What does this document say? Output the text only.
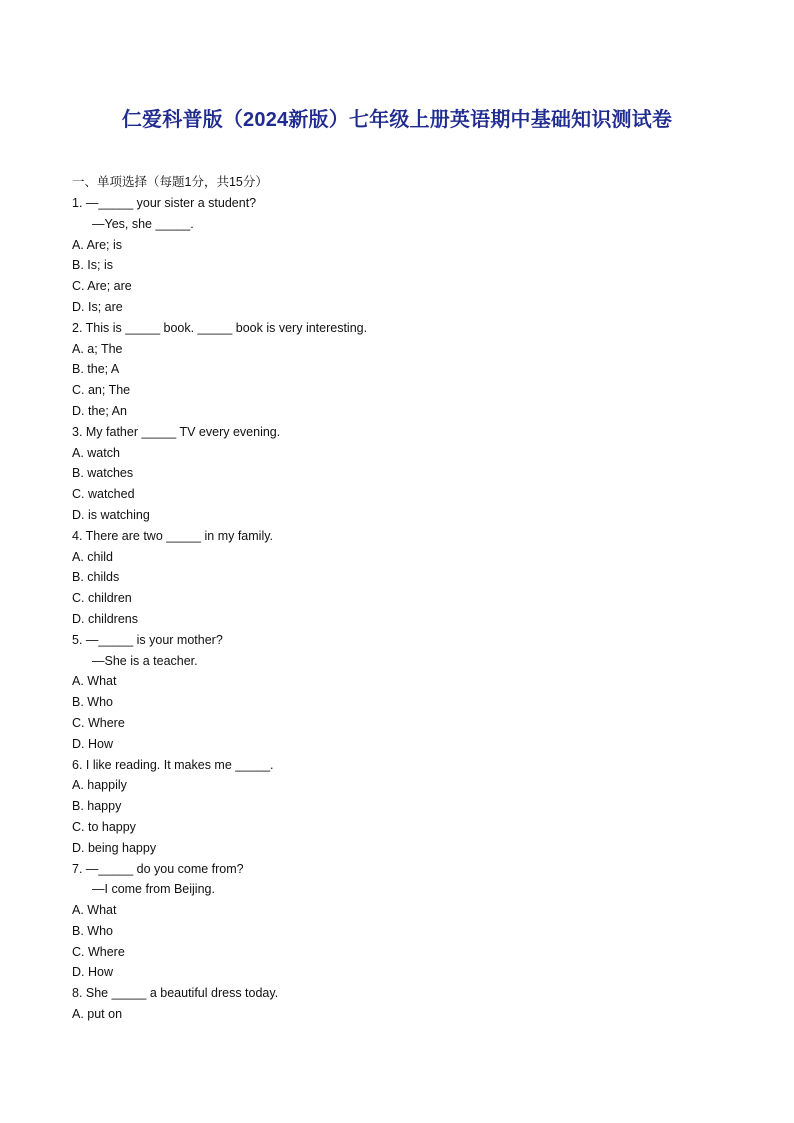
仁爱科普版（2024新版）七年级上册英语期中基础知识测试卷
一、单项选择（每题1分，共15分）
1. —_____ your sister a student?
—Yes, she _____.
A. Are; is
B. Is; is
C. Are; are
D. Is; are
2. This is _____ book. _____ book is very interesting.
A. a; The
B. the; A
C. an; The
D. the; An
3. My father _____ TV every evening.
A. watch
B. watches
C. watched
D. is watching
4. There are two _____ in my family.
A. child
B. childs
C. children
D. childrens
5. —_____ is your mother?
—She is a teacher.
A. What
B. Who
C. Where
D. How
6. I like reading. It makes me _____.
A. happily
B. happy
C. to happy
D. being happy
7. —_____ do you come from?
—I come from Beijing.
A. What
B. Who
C. Where
D. How
8. She _____ a beautiful dress today.
A. put on
